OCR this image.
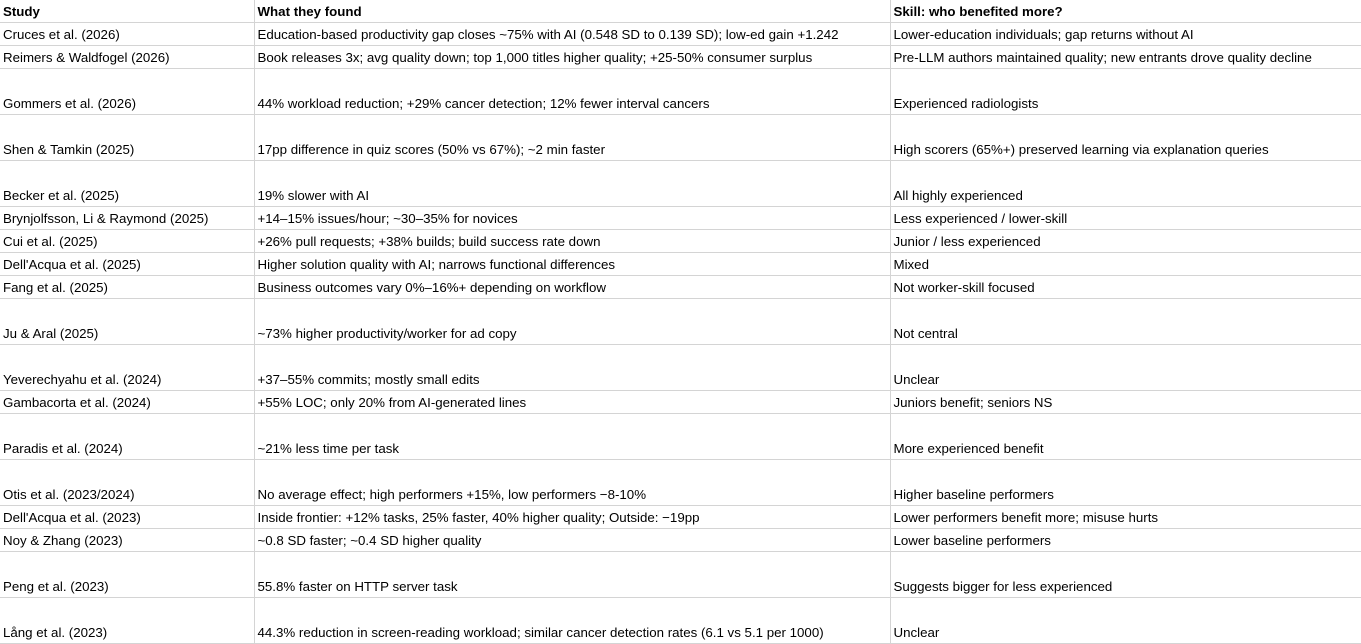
Study	What they found	Skill: who benefited more?
Cruces et al. (2026)	Education-based productivity gap closes ~75% with AI (0.548 SD to 0.139 SD); low-ed gain +1.242	Lower-education individuals; gap returns without AI
Reimers & Waldfogel (2026)	Book releases 3x; avg quality down; top 1,000 titles higher quality; +25-50% consumer surplus	Pre-LLM authors maintained quality; new entrants drove quality decline
Gommers et al. (2026)	44% workload reduction; +29% cancer detection; 12% fewer interval cancers	Experienced radiologists
Shen & Tamkin (2025)	17pp difference in quiz scores (50% vs 67%); ~2 min faster	High scorers (65%+) preserved learning via explanation queries
Becker et al. (2025)	19% slower with AI	All highly experienced
Brynjolfsson, Li & Raymond (2025)	+14–15% issues/hour; ~30–35% for novices	Less experienced / lower-skill
Cui et al. (2025)	+26% pull requests; +38% builds; build success rate down	Junior / less experienced
Dell'Acqua et al. (2025)	Higher solution quality with AI; narrows functional differences	Mixed
Fang et al. (2025)	Business outcomes vary 0%–16%+ depending on workflow	Not worker-skill focused
Ju & Aral (2025)	~73% higher productivity/worker for ad copy	Not central
Yeverechyahu et al. (2024)	+37–55% commits; mostly small edits	Unclear
Gambacorta et al. (2024)	+55% LOC; only 20% from AI-generated lines	Juniors benefit; seniors NS
Paradis et al. (2024)	~21% less time per task	More experienced benefit
Otis et al. (2023/2024)	No average effect; high performers +15%, low performers −8-10%	Higher baseline performers
Dell'Acqua et al. (2023)	Inside frontier: +12% tasks, 25% faster, 40% higher quality; Outside: −19pp	Lower performers benefit more; misuse hurts
Noy & Zhang (2023)	~0.8 SD faster; ~0.4 SD higher quality	Lower baseline performers
Peng et al. (2023)	55.8% faster on HTTP server task	Suggests bigger for less experienced
Lång et al. (2023)	44.3% reduction in screen-reading workload; similar cancer detection rates (6.1 vs 5.1 per 1000)	Unclear
